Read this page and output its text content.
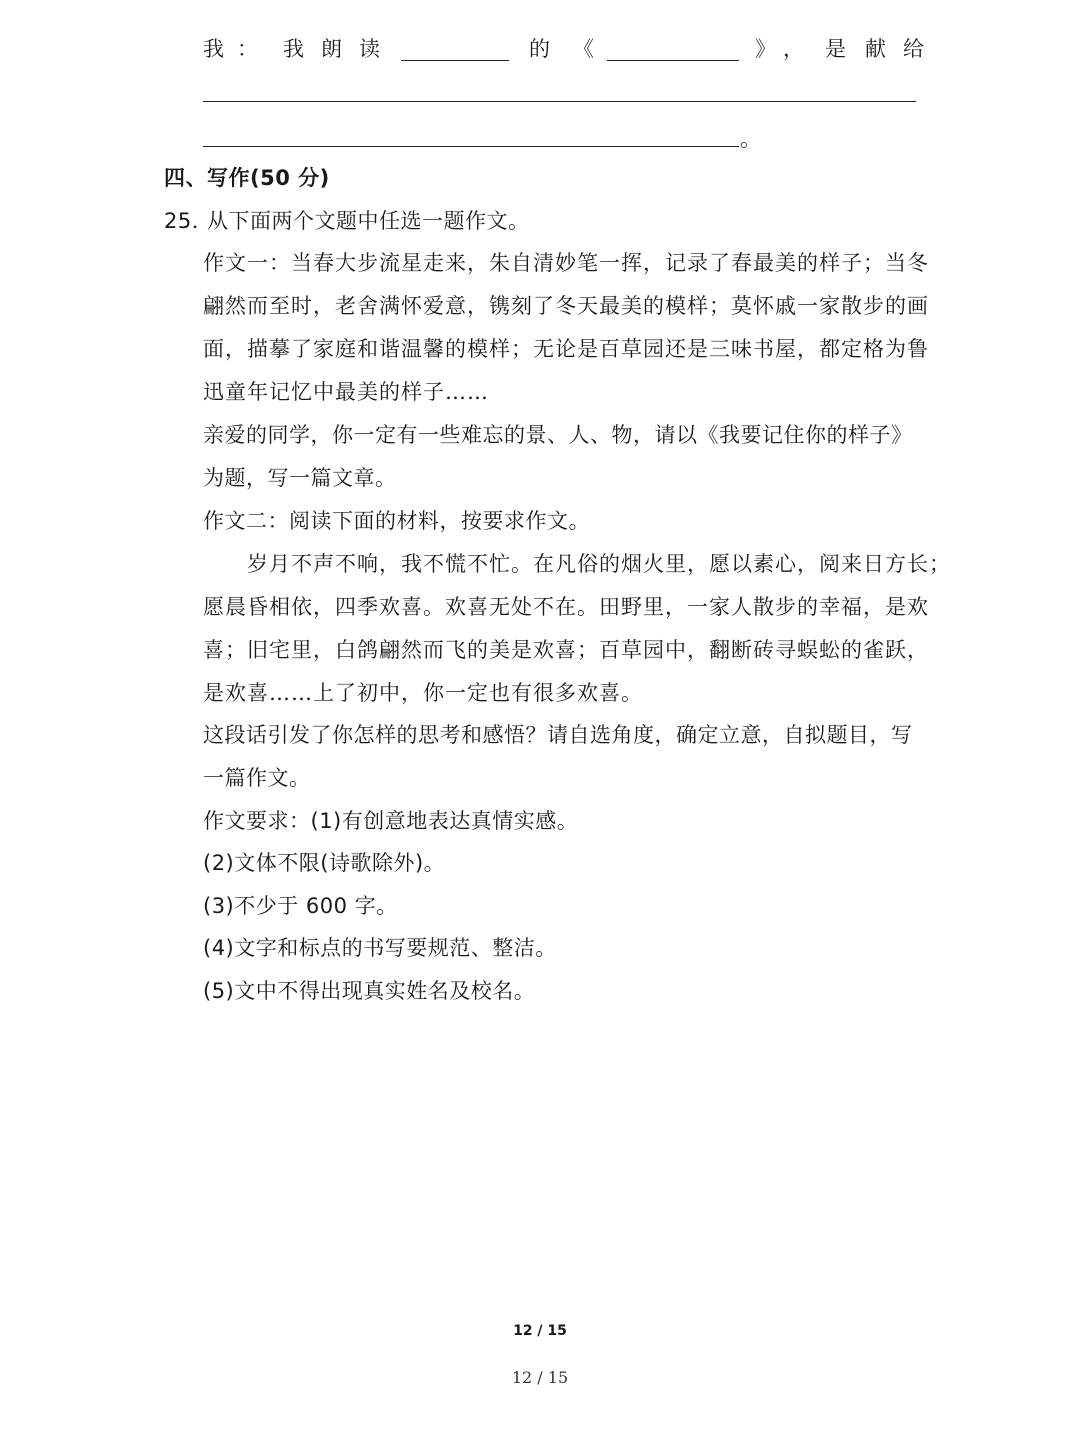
我 ： 我 朗 读	的 《	》 ， 是 献 给
。
四、写作(50 分)
25．
从下面两个文题中任选一题作文。
作文一：当春大步流星走来，朱自清妙笔一挥，记录了春最美的样子；当冬
翩然而至时，老舍满怀爱意，镌刻了冬天最美的模样；莫怀戚一家散步的画
面，描摹了家庭和谐温馨的模样；无论是百草园还是三味书屋，都定格为鲁
迅童年记忆中最美的样子……
亲爱的同学，你一定有一些难忘的景、人、物，请以《我要记住你的样子》
为题，写一篇文章。
作文二：阅读下面的材料，按要求作文。
岁月不声不响，我不慌不忙。在凡俗的烟火里，愿以素心，阅来日方长；
愿晨昏相依，四季欢喜。欢喜无处不在。田野里，一家人散步的幸福，是欢
喜；旧宅里，白鸽翩然而飞的美是欢喜；百草园中，翻断砖寻蜈蚣的雀跃，
是欢喜……上了初中，你一定也有很多欢喜。
这段话引发了你怎样的思考和感悟？请自选角度，确定立意，自拟题目，写
一篇作文。
作文要求：(1)有创意地表达真情实感。
(2)文体不限(诗歌除外)。
(3)不少于 600 字。
(4)文字和标点的书写要规范、整洁。
(5)文中不得出现真实姓名及校名。
12 / 15
12 / 15
